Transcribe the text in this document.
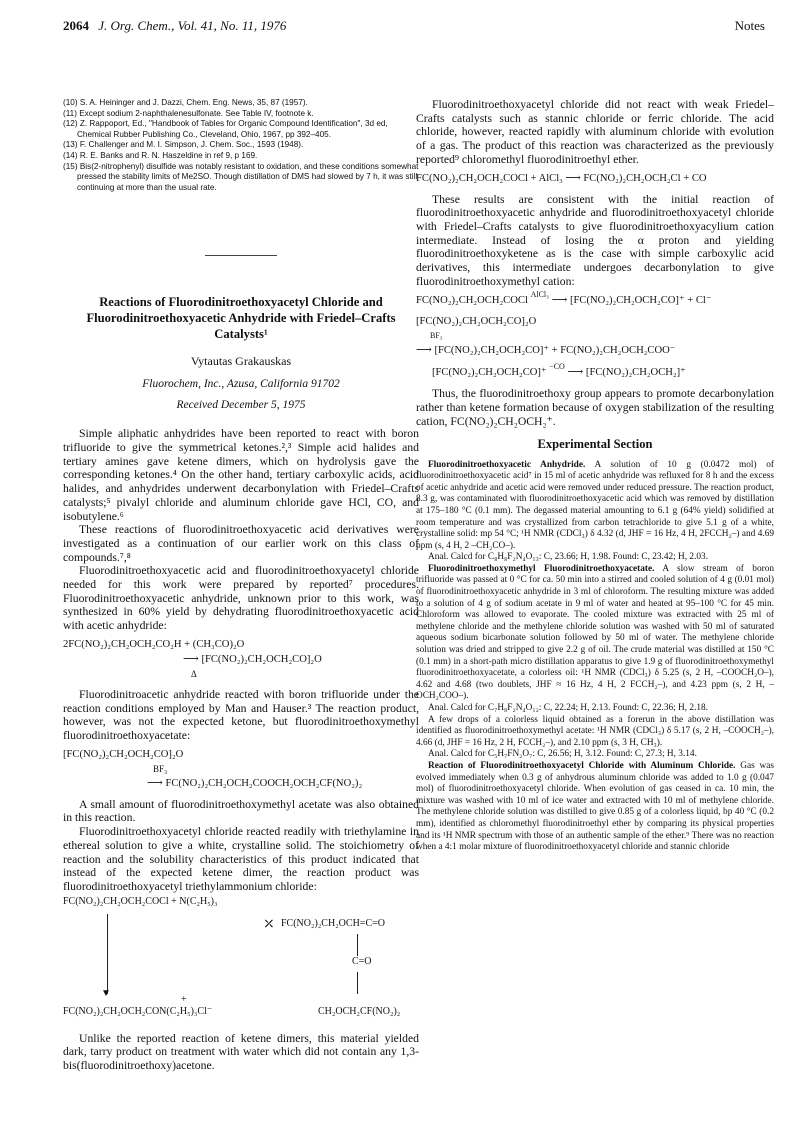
2064 J. Org. Chem., Vol. 41, No. 11, 1976	Notes

(10) S. A. Heininger and J. Dazzi, Chem. Eng. News, 35, 87 (1957).

(11) Except sodium 2-naphthalenesulfonate. See Table IV, footnote k.

(12) Z. Rappoport, Ed., "Handbook of Tables for Organic Compound Identification", 3d ed, Chemical Rubber Publishing Co., Cleveland, Ohio, 1967, pp 392–405.

(13) F. Challenger and M. I. Simpson, J. Chem. Soc., 1593 (1948).

(14) R. E. Banks and R. N. Haszeldine in ref 9, p 169.

(15) Bis(2-nitrophenyl) disulfide was notably resistant to oxidation, and these conditions somewhat pressed the stability limits of Me2SO. Though distillation of DMS had slowed by 7 h, it was still continuing at more than the usual rate.

Reactions of Fluorodinitroethoxyacetyl Chloride and Fluorodinitroethoxyacetic Anhydride with Friedel–Crafts Catalysts¹

Vytautas Grakauskas

Fluorochem, Inc., Azusa, California 91702

Received December 5, 1975

Simple aliphatic anhydrides have been reported to react with boron trifluoride to give the symmetrical ketones.²,³ Simple acid halides and tertiary amines gave ketene dimers, which on hydrolysis gave the corresponding ketones.⁴ On the other hand, tertiary carboxylic acids, acid halides, and anhydrides underwent decarbonylation with Friedel–Crafts catalysts;⁵ pivalyl chloride and aluminum chloride gave HCl, CO, and isobutylene.⁶

These reactions of fluorodinitroethoxyacetic acid derivatives were investigated as a continuation of our earlier work on this class of compounds.⁷,⁸

Fluorodinitroethoxyacetic acid and fluorodinitroethoxyacetyl chloride needed for this work were prepared by reported⁷ procedures. Fluorodinitroethoxyacetic anhydride, unknown prior to this work, was synthesized in 60% yield by dehydrating fluorodinitroethoxyacetic acid with acetic anhydride:

2FC(NO₂)₂CH₂OCH₂CO₂H + (CH₃CO)₂O
⟶ [FC(NO₂)₂CH₂OCH₂CO]₂O
Δ

Fluorodinitroacetic anhydride reacted with boron trifluoride under the reaction conditions employed by Man and Hauser.³ The reaction product, however, was not the expected ketone, but fluorodinitroethoxymethyl fluorodinitroethoxyacetate:

[FC(NO₂)₂CH₂OCH₂CO]₂O
BF₃
⟶ FC(NO₂)₂CH₂OCH₂COOCH₂OCH₂CF(NO₂)₂

A small amount of fluorodinitroethoxymethyl acetate was also obtained in this reaction.

Fluorodinitroethoxyacetyl chloride reacted readily with triethylamine in ethereal solution to give a white, crystalline solid. The stoichiometry of reaction and the solubility characteristics of this product indicated that instead of the expected ketene dimer, the reaction product was fluorodinitroethoxyacetyl triethylammonium chloride:

FC(NO₂)₂CH₂OCH₂COCl + N(C₂H₅)₃
⤫ FC(NO₂)₂CH₂OCH=C=O
▼
C=O
+
FC(NO₂)₂CH₂OCH₂CON(C₂H₅)₃Cl⁻	CH₂OCH₂CF(NO₂)₂

Unlike the reported reaction of ketene dimers, this material yielded dark, tarry product on treatment with water which did not contain any 1,3-bis(fluorodinitroethoxy)acetone.

Fluorodinitroethoxyacetyl chloride did not react with weak Friedel–Crafts catalysts such as stannic chloride or ferric chloride. The acid chloride, however, reacted rapidly with aluminum chloride with evolution of a gas. The product of this reaction was characterized as the previously reported⁹ chloromethyl fluorodinitroethyl ether.

FC(NO₂)₂CH₂OCH₂COCl + AlCl₃ ⟶ FC(NO₂)₂CH₂OCH₂Cl + CO

These results are consistent with the initial reaction of fluorodinitroethoxyacetic anhydride and fluorodinitroethoxyacetyl chloride with Friedel–Crafts catalysts to give fluorodinitroethoxyacylium cation intermediate. Instead of losing the α proton and yielding fluorodinitroethoxyketene as is the case with simple carboxylic acid derivatives, this intermediate undergoes decarbonylation to give fluorodinitroethoxymethyl cation:

FC(NO₂)₂CH₂OCH₂COCl $^{AlCl_3}$ ⟶ [FC(NO₂)₂CH₂OCH₂CO]⁺ + Cl⁻
[FC(NO₂)₂CH₂OCH₂CO]₂O
BF₃
⟶ [FC(NO₂)₂CH₂OCH₂CO]⁺ + FC(NO₂)₂CH₂OCH₂COO⁻
[FC(NO₂)₂CH₂OCH₂CO]⁺ $^{-CO}$ ⟶ [FC(NO₂)₂CH₂OCH₂]⁺

Thus, the fluorodinitroethoxy group appears to promote decarbonylation rather than ketene formation because of oxygen stabilization of the resulting cation, FC(NO₂)₂CH₂OCH₂⁺.

Experimental Section

Fluorodinitroethoxyacetic Anhydride. A solution of 10 g (0.0472 mol) of fluorodinitroethoxyacetic acid⁷ in 15 ml of acetic anhydride was refluxed for 8 h and the excess of acetic anhydride and acetic acid were removed under reduced pressure. The reaction product, 8.3 g, was contaminated with fluorodinitroethoxyacetic acid which was removed by distillation at 175–180 °C (0.1 mm). The degassed material amounting to 6.1 g (64% yield) solidified at room temperature and was crystallized from carbon tetrachloride to give 5.1 g of a white, crystalline solid: mp 54 °C; ¹H NMR (CDCl₃) δ 4.32 (d, JHF = 16 Hz, 4 H, 2FCCH₂–) and 4.69 ppm (s, 4 H, 2 –CH₂CO–).

Anal. Calcd for C₈H₈F₂N₄O₁₃: C, 23.66; H, 1.98. Found: C, 23.42; H, 2.03.

Fluorodinitroethoxymethyl Fluorodinitroethoxyacetate. A slow stream of boron trifluoride was passed at 0 °C for ca. 50 min into a stirred and cooled solution of 4 g (0.01 mol) of fluorodinitroethoxyacetic anhydride in 3 ml of chloroform. The resulting mixture was added to a solution of 4 g of sodium acetate in 9 ml of water and heated at 95–100 °C for 45 min. Chloroform was allowed to evaporate. The cooled mixture was extracted with 25 ml of methylene chloride and the methylene chloride solution was washed with 50 ml of saturated aqueous sodium bicarbonate solution followed by 50 ml of water. The methylene chloride solution was dried and stripped to give 2.2 g of oil. The crude material was distilled at 150 °C (0.1 mm) in a short-path micro distillation apparatus to give 1.9 g of fluorodinitroethoxymethyl fluorodinitroethoxyacetate, a colorless oil: ¹H NMR (CDCl₃) δ 5.25 (s, 2 H, –COOCH₂O–), 4.62 and 4.68 (two doublets, JHF ≈ 16 Hz, 4 H, 2 FCCH₂–), and 4.23 ppm (s, 2 H, –OCH₂COO–).

Anal. Calcd for C₇H₈F₂N₄O₁₂: C, 22.24; H, 2.13. Found: C, 22.36; H, 2.18.

A few drops of a colorless liquid obtained as a forerun in the above distillation was identified as fluorodinitroethoxymethyl acetate: ¹H NMR (CDCl₃) δ 5.17 (s, 2 H, –COOCH₂–), 4.66 (d, JHF = 16 Hz, 2 H, FCCH₂–), and 2.10 ppm (s, 3 H, CH₃).

Anal. Calcd for C₅H₇FN₂O₇: C, 26.56; H, 3.12. Found: C, 27.3; H, 3.14.

Reaction of Fluorodinitroethoxyacetyl Chloride with Aluminum Chloride. Gas was evolved immediately when 0.3 g of anhydrous aluminum chloride was added to 1.0 g (0.047 mol) of fluorodinitroethoxyacetyl chloride. When evolution of gas ceased in ca. 10 min, the mixture was washed with 10 ml of ice water and extracted with 10 ml of methylene chloride. The methylene chloride solution was distilled to give 0.85 g of a colorless liquid, bp 40 °C (0.2 mm), identified as chloromethyl fluorodinitroethyl ether by comparing its physical properties and its ¹H NMR spectrum with those of an authentic sample of the ether.⁹ There was no reaction when a 4:1 molar mixture of fluorodinitroethoxyacetyl chloride and stannic chloride
